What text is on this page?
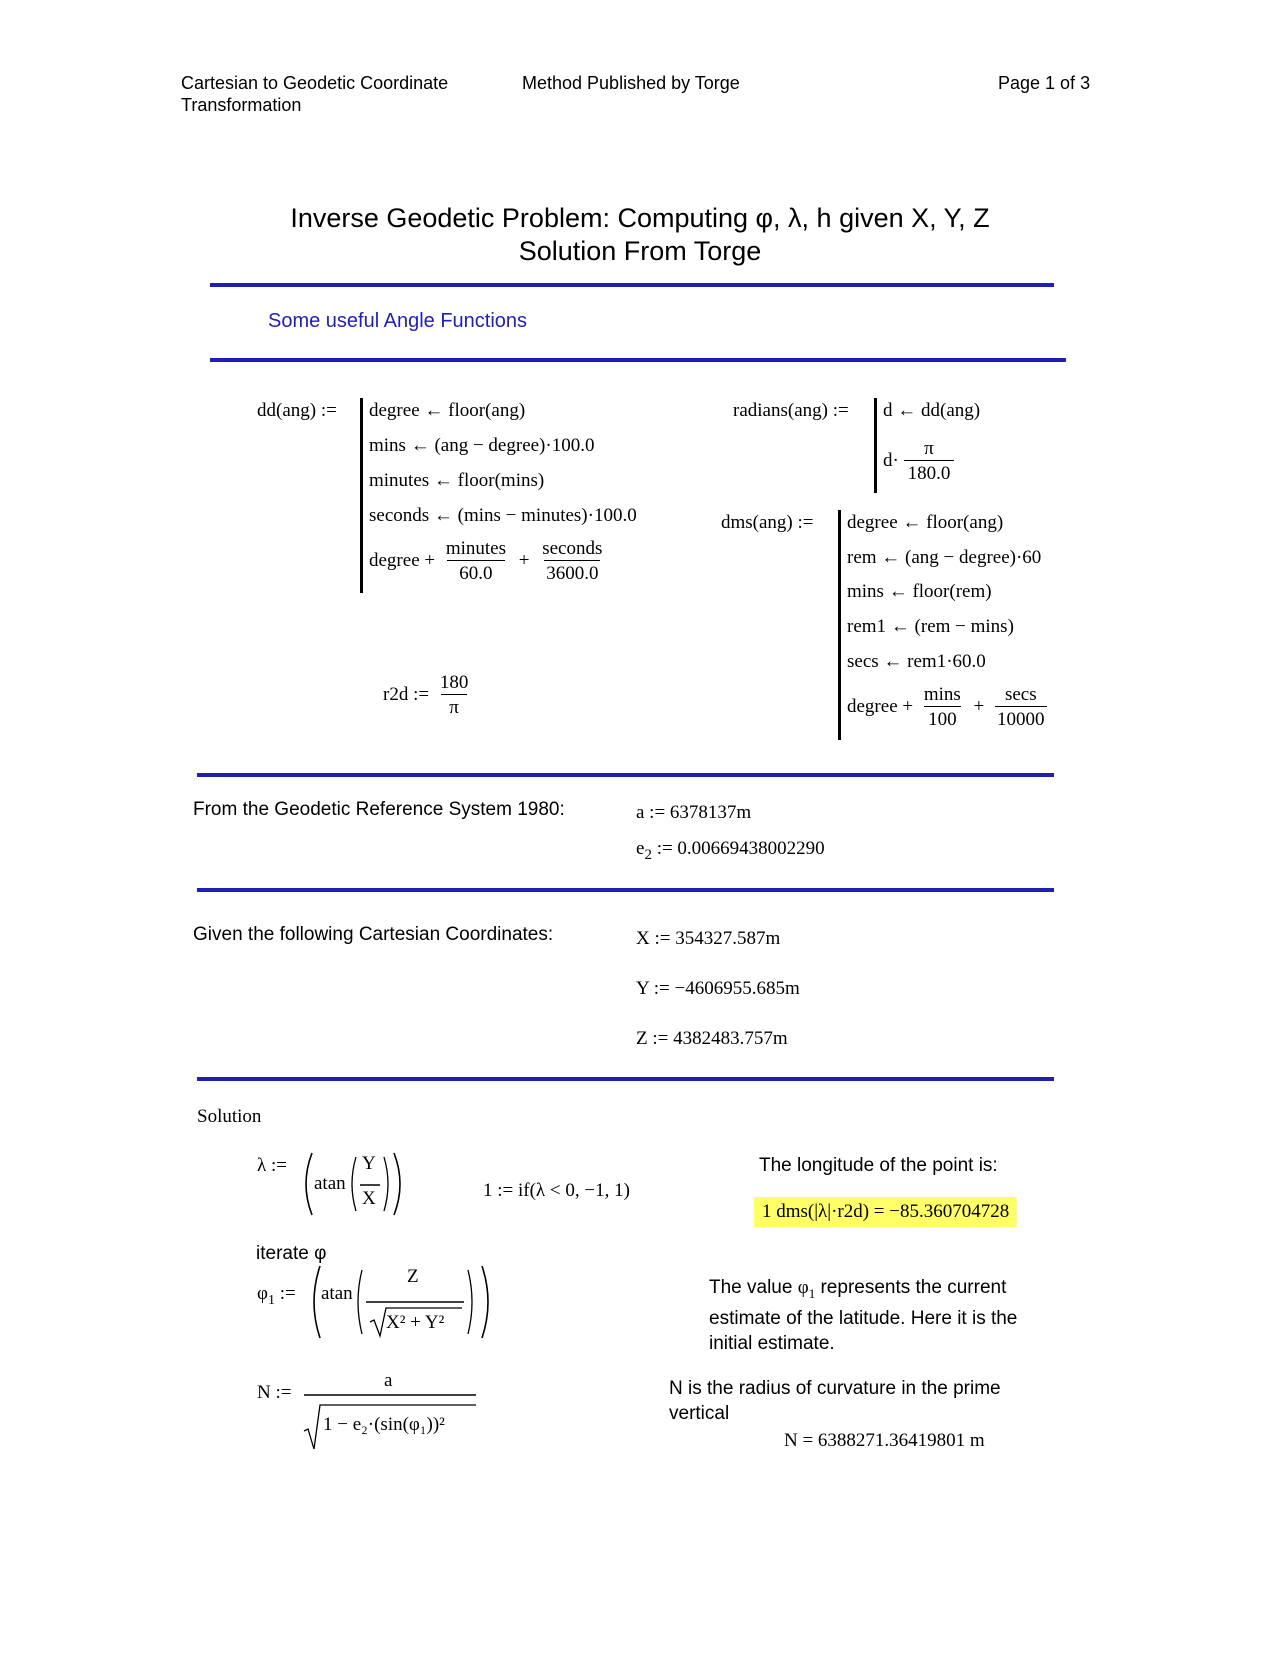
Cartesian to Geodetic Coordinate
Transformation
Method Published by Torge	Page 1 of 3
Inverse Geodetic Problem: Computing φ, λ, h given X, Y, Z
Solution From Torge
Some useful Angle Functions
dd(ang) := degree ← floor(ang)
mins ← (ang − degree)·100.0
minutes ← floor(mins)
seconds ← (mins − minutes)·100.0
degree +
minutes
60.0
+
seconds
3600.0
r2d := $\frac{180}{\pi}$
radians(ang) := d ← dd(ang)
$d\cdot \frac{\pi}{180.0}$
dms(ang) := degree ← floor(ang)
rem ← (ang − degree)·60
mins ← floor(rem)
rem1 ← (rem − mins)
secs ← rem1·60.0
degree +
mins
100
+
secs
10000
From the Geodetic Reference System 1980:	a := 6378137m
$e_2$ := 0.00669438002290
Given the following Cartesian Coordinates:	X := 354327.587m
Y := −4606955.685m
Z := 4382483.757m
Solution
λ :=
atan
Y
X	1 := if(λ < 0, −1, 1)
The longitude of the point is:
1 dms(|λ|·r2d) = −85.360704728
iterate φ
$\varphi_1$ := atan
Z
X² + Y²
The value $\varphi_1$ represents the current
estimate of the latitude. Here it is the
initial estimate.
N :=
a
1 − e₂·(sin(φ₁))²
N is the radius of curvature in the prime
vertical
N = 6388271.36419801 m
